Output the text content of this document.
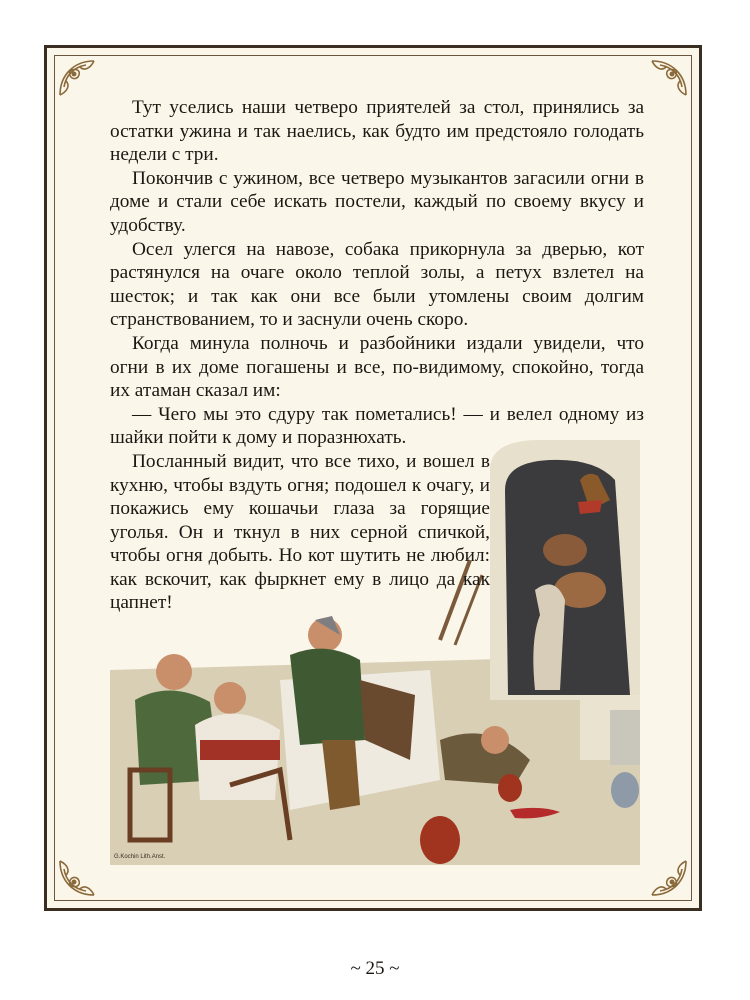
G.Kochin Lith.Anst.

Тут уселись наши четверо приятелей за стол, принялись за остатки ужина и так наелись, как будто им предстояло голодать недели с три.

Покончив с ужином, все четверо музыкантов загасили огни в доме и стали себе искать постели, каждый по своему вкусу и удобству.

Осел улегся на навозе, собака прикорнула за дверью, кот растянулся на очаге около теплой золы, а петух взлетел на шесток; и так как они все были утомлены своим долгим странствованием, то и заснули очень скоро.

Когда минула полночь и разбойники издали увидели, что огни в их доме погашены и все, по-видимому, спокойно, тогда их атаман сказал им:

— Чего мы это сдуру так пометались! — и велел одному из шайки пойти к дому и поразнюхать.

Посланный видит, что все тихо, и вошел в кухню, чтобы вздуть огня; подошел к очагу, и покажись ему кошачьи глаза за горящие уголья. Он и ткнул в них серной спичкой, чтобы огня добыть. Но кот шутить не любил: как вскочит, как фыркнет ему в лицо да как цапнет!

~ 25 ~
